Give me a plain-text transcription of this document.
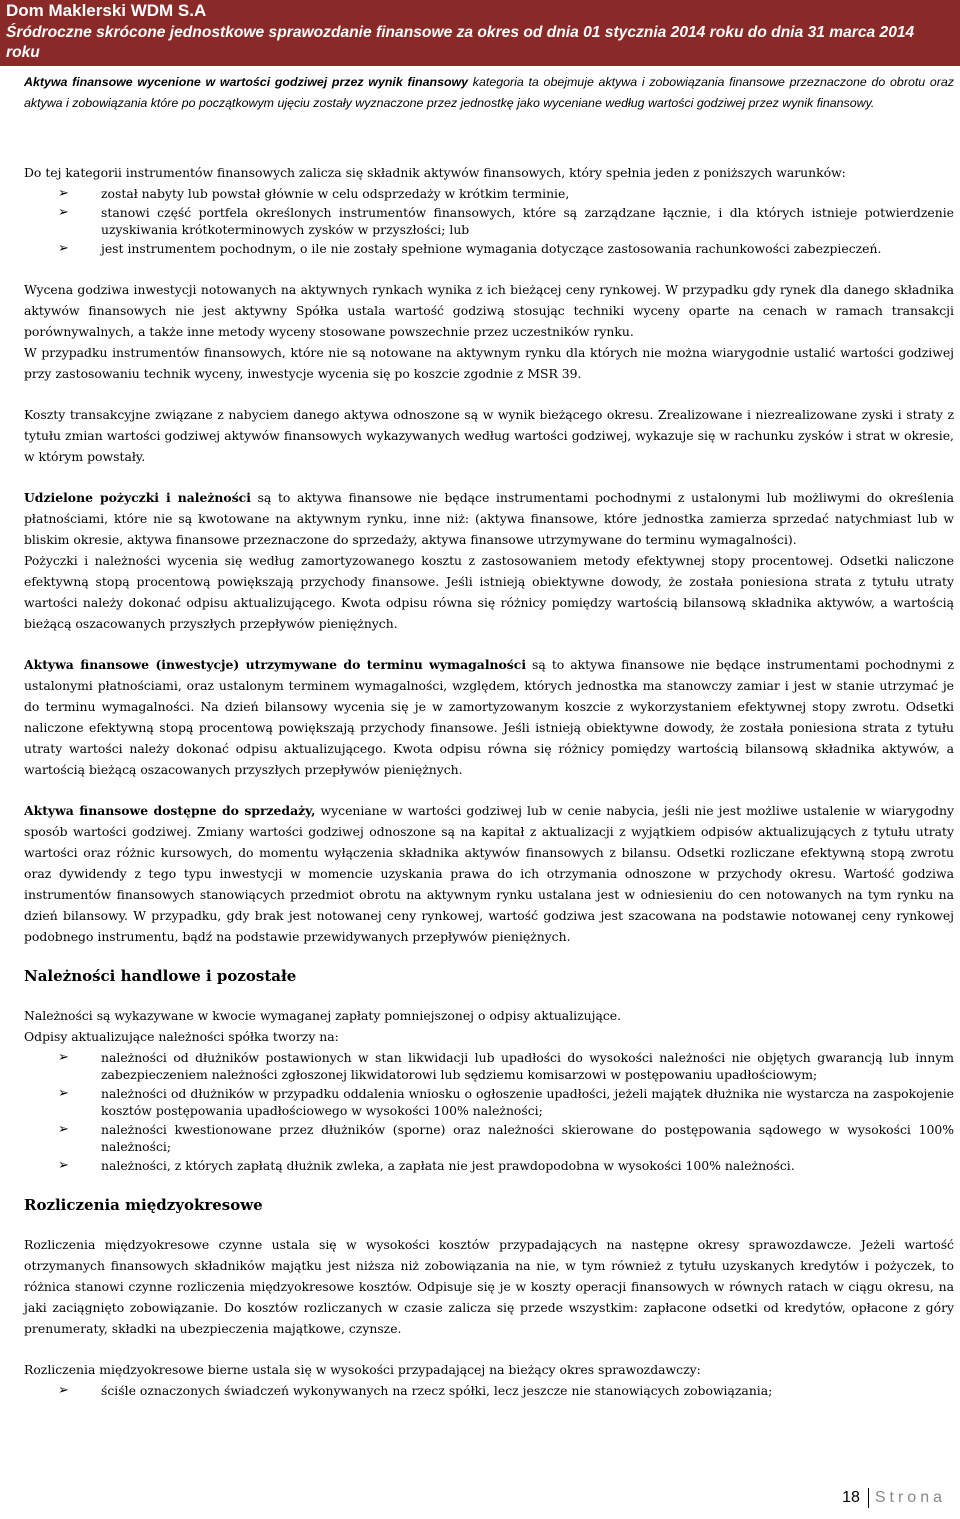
Dom Maklerski WDM S.A
Śródroczne skrócone jednostkowe sprawozdanie finansowe za okres od dnia 01 stycznia 2014 roku do dnia 31 marca 2014 roku
Aktywa finansowe wycenione w wartości godziwej przez wynik finansowy kategoria ta obejmuje aktywa i zobowiązania finansowe przeznaczone do obrotu oraz aktywa i zobowiązania które po początkowym ujęciu zostały wyznaczone przez jednostkę jako wyceniane według wartości godziwej przez wynik finansowy.

Do tej kategorii instrumentów finansowych zalicza się składnik aktywów finansowych, który spełnia jeden z poniższych warunków:

➢	został nabyty lub powstał głównie w celu odsprzedaży w krótkim terminie,
➢	stanowi część portfela określonych instrumentów finansowych, które są zarządzane łącznie, i dla których istnieje potwierdzenie uzyskiwania krótkoterminowych zysków w przyszłości; lub
➢	jest instrumentem pochodnym, o ile nie zostały spełnione wymagania dotyczące zastosowania rachunkowości zabezpieczeń.

Wycena godziwa inwestycji notowanych na aktywnych rynkach wynika z ich bieżącej ceny rynkowej. W przypadku gdy rynek dla danego składnika aktywów finansowych nie jest aktywny Spółka ustala wartość godziwą stosując techniki wyceny oparte na cenach w ramach transakcji porównywalnych, a także inne metody wyceny stosowane powszechnie przez uczestników rynku.

W przypadku instrumentów finansowych, które nie są notowane na aktywnym rynku dla których nie można wiarygodnie ustalić wartości godziwej przy zastosowaniu technik wyceny, inwestycje wycenia się po koszcie zgodnie z MSR 39.

Koszty transakcyjne związane z nabyciem danego aktywa odnoszone są w wynik bieżącego okresu. Zrealizowane i niezrealizowane zyski i straty z tytułu zmian wartości godziwej aktywów finansowych wykazywanych według wartości godziwej, wykazuje się w rachunku zysków i strat w okresie, w którym powstały.

Udzielone pożyczki i należności są to aktywa finansowe nie będące instrumentami pochodnymi z ustalonymi lub możliwymi do określenia płatnościami, które nie są kwotowane na aktywnym rynku, inne niż: (aktywa finansowe, które jednostka zamierza sprzedać natychmiast lub w bliskim okresie, aktywa finansowe przeznaczone do sprzedaży, aktywa finansowe utrzymywane do terminu wymagalności).

Pożyczki i należności wycenia się według zamortyzowanego kosztu z zastosowaniem metody efektywnej stopy procentowej. Odsetki naliczone efektywną stopą procentową powiększają przychody finansowe. Jeśli istnieją obiektywne dowody, że została poniesiona strata z tytułu utraty wartości należy dokonać odpisu aktualizującego. Kwota odpisu równa się różnicy pomiędzy wartością bilansową składnika aktywów, a wartością bieżącą oszacowanych przyszłych przepływów pieniężnych.

Aktywa finansowe (inwestycje) utrzymywane do terminu wymagalności są to aktywa finansowe nie będące instrumentami pochodnymi z ustalonymi płatnościami, oraz ustalonym terminem wymagalności, względem, których jednostka ma stanowczy zamiar i jest w stanie utrzymać je do terminu wymagalności. Na dzień bilansowy wycenia się je w zamortyzowanym koszcie z wykorzystaniem efektywnej stopy zwrotu. Odsetki naliczone efektywną stopą procentową powiększają przychody finansowe. Jeśli istnieją obiektywne dowody, że została poniesiona strata z tytułu utraty wartości należy dokonać odpisu aktualizującego. Kwota odpisu równa się różnicy pomiędzy wartością bilansową składnika aktywów, a wartością bieżącą oszacowanych przyszłych przepływów pieniężnych.

Aktywa finansowe dostępne do sprzedaży, wyceniane w wartości godziwej lub w cenie nabycia, jeśli nie jest możliwe ustalenie w wiarygodny sposób wartości godziwej. Zmiany wartości godziwej odnoszone są na kapitał z aktualizacji z wyjątkiem odpisów aktualizujących z tytułu utraty wartości oraz różnic kursowych, do momentu wyłączenia składnika aktywów finansowych z bilansu. Odsetki rozliczane efektywną stopą zwrotu oraz dywidendy z tego typu inwestycji w momencie uzyskania prawa do ich otrzymania odnoszone w przychody okresu. Wartość godziwa instrumentów finansowych stanowiących przedmiot obrotu na aktywnym rynku ustalana jest w odniesieniu do cen notowanych na tym rynku na dzień bilansowy. W przypadku, gdy brak jest notowanej ceny rynkowej, wartość godziwa jest szacowana na podstawie notowanej ceny rynkowej podobnego instrumentu, bądź na podstawie przewidywanych przepływów pieniężnych.

Należności handlowe i pozostałe

Należności są wykazywane w kwocie wymaganej zapłaty pomniejszonej o odpisy aktualizujące.

Odpisy aktualizujące należności spółka tworzy na:

➢	należności od dłużników postawionych w stan likwidacji lub upadłości do wysokości należności nie objętych gwarancją lub innym zabezpieczeniem należności zgłoszonej likwidatorowi lub sędziemu komisarzowi w postępowaniu upadłościowym;
➢	należności od dłużników w przypadku oddalenia wniosku o ogłoszenie upadłości, jeżeli majątek dłużnika nie wystarcza na zaspokojenie kosztów postępowania upadłościowego w wysokości 100% należności;
➢	należności kwestionowane przez dłużników (sporne) oraz należności skierowane do postępowania sądowego w wysokości 100% należności;
➢	należności, z których zapłatą dłużnik zwleka, a zapłata nie jest prawdopodobna w wysokości 100% należności.

Rozliczenia międzyokresowe

Rozliczenia międzyokresowe czynne ustala się w wysokości kosztów przypadających na następne okresy sprawozdawcze. Jeżeli wartość otrzymanych finansowych składników majątku jest niższa niż zobowiązania na nie, w tym również z tytułu uzyskanych kredytów i pożyczek, to różnica stanowi czynne rozliczenia międzyokresowe kosztów. Odpisuje się je w koszty operacji finansowych w równych ratach w ciągu okresu, na jaki zaciągnięto zobowiązanie. Do kosztów rozliczanych w czasie zalicza się przede wszystkim: zapłacone odsetki od kredytów, opłacone z góry prenumeraty, składki na ubezpieczenia majątkowe, czynsze.

Rozliczenia międzyokresowe bierne ustala się w wysokości przypadającej na bieżący okres sprawozdawczy:

➢	ściśle oznaczonych świadczeń wykonywanych na rzecz spółki, lecz jeszcze nie stanowiących zobowiązania;
18 Strona
